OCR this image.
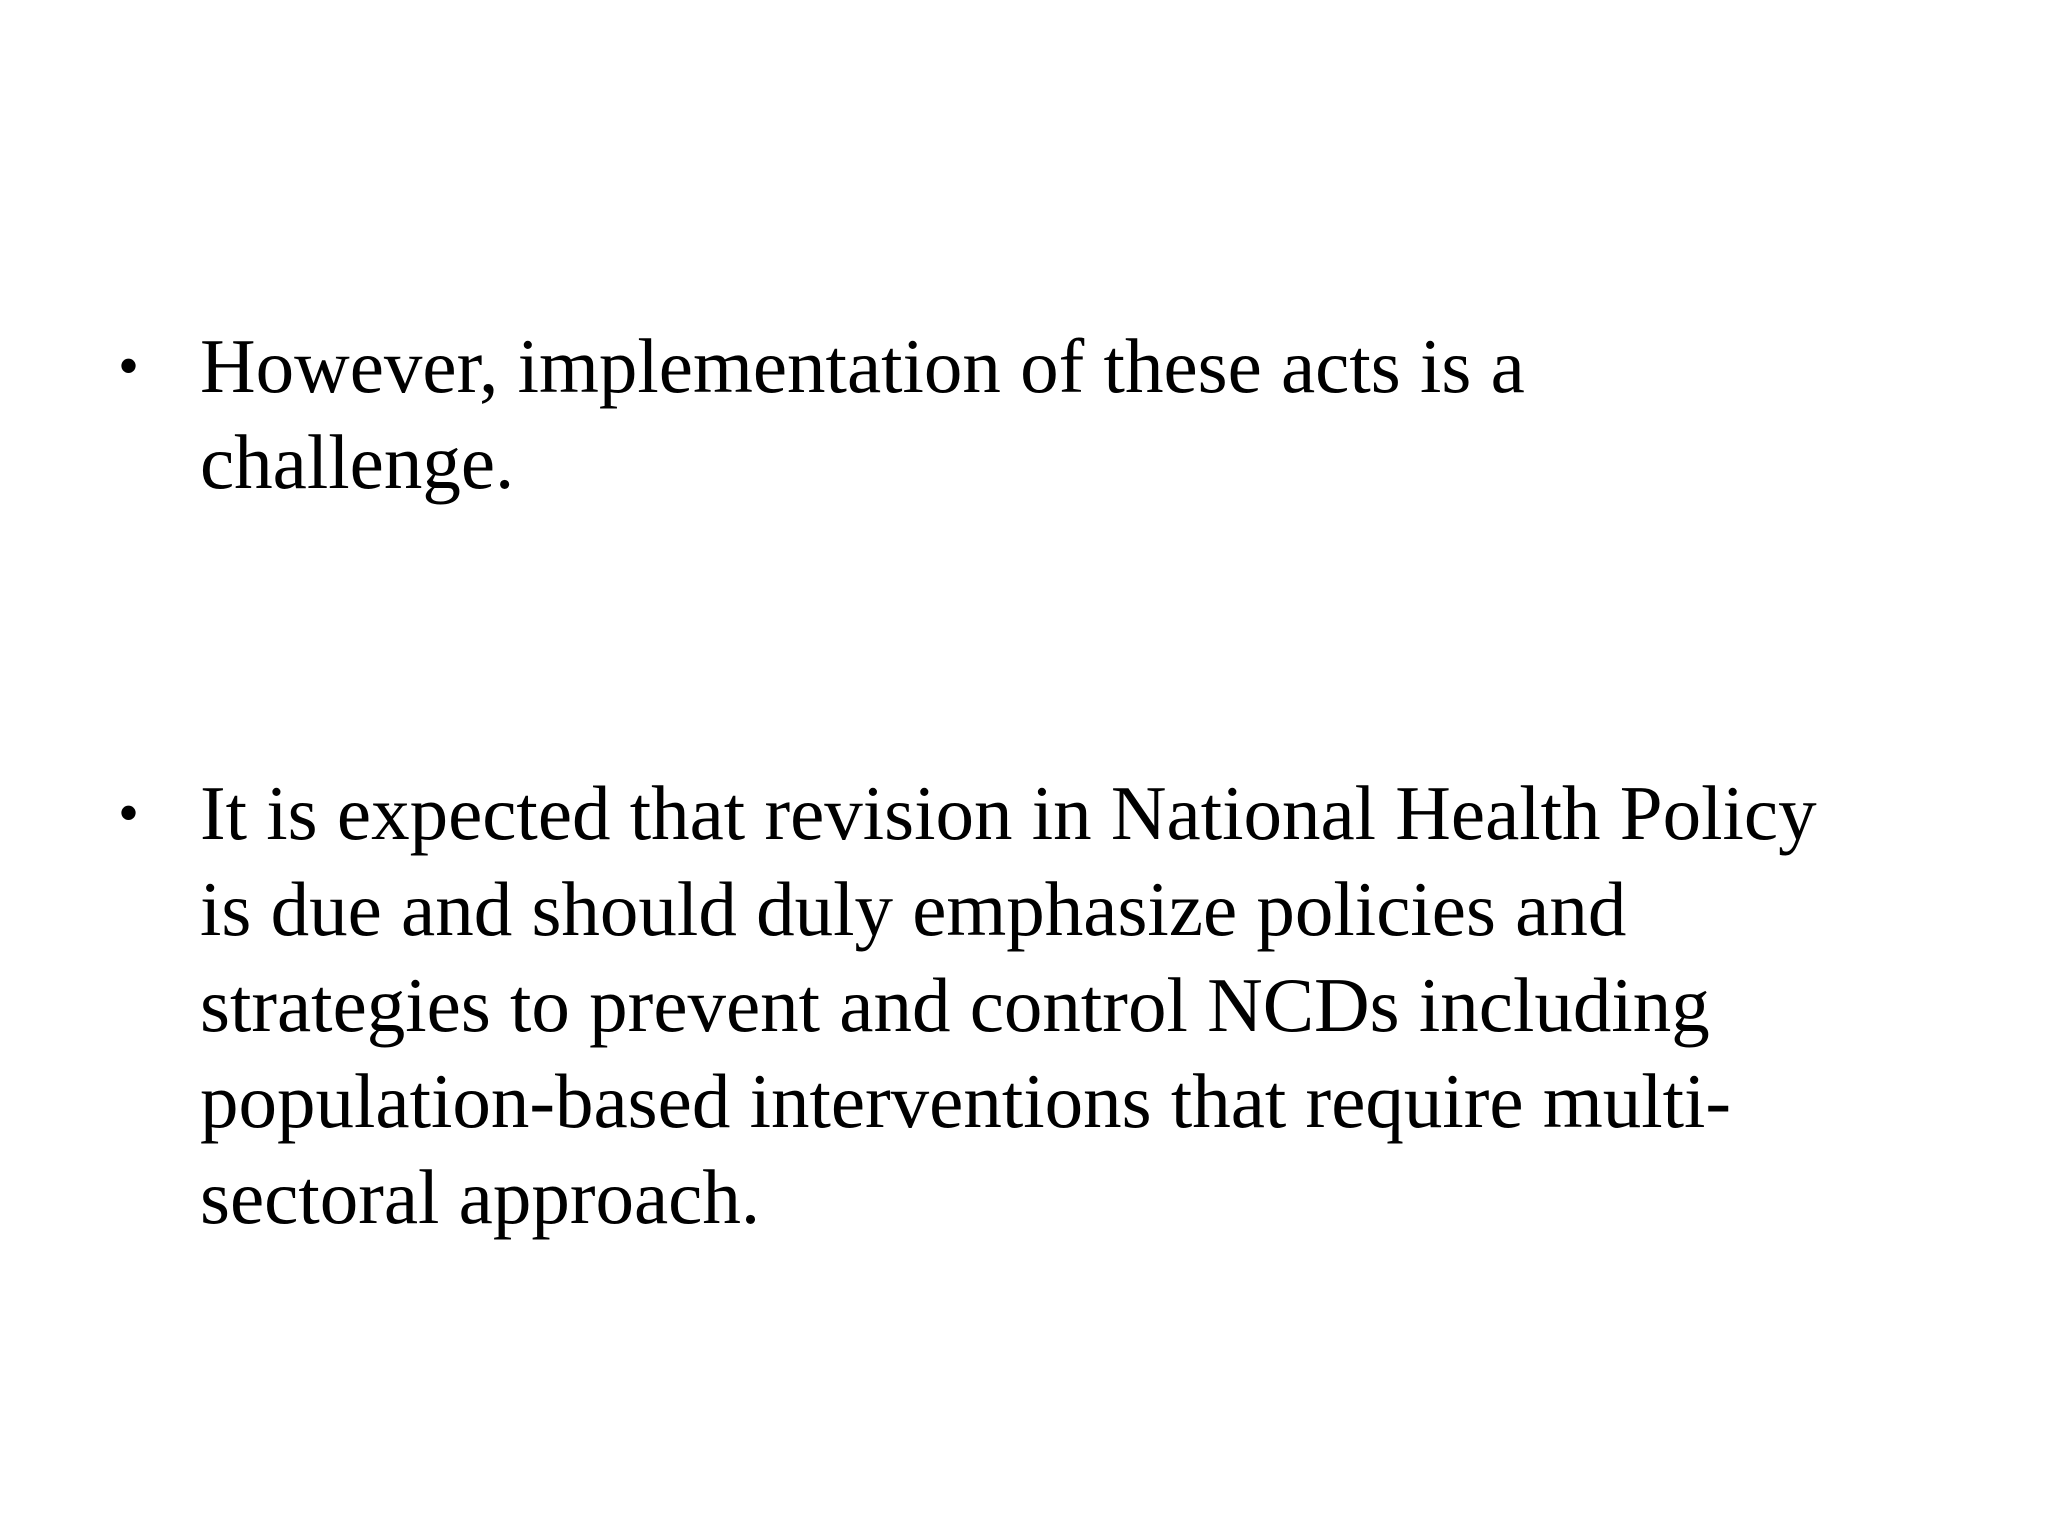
• However, implementation of these acts is a
challenge.
• It is expected that revision in National Health Policy
is due and should duly emphasize policies and
strategies to prevent and control NCDs including
population-based interventions that require multi-
sectoral approach.
